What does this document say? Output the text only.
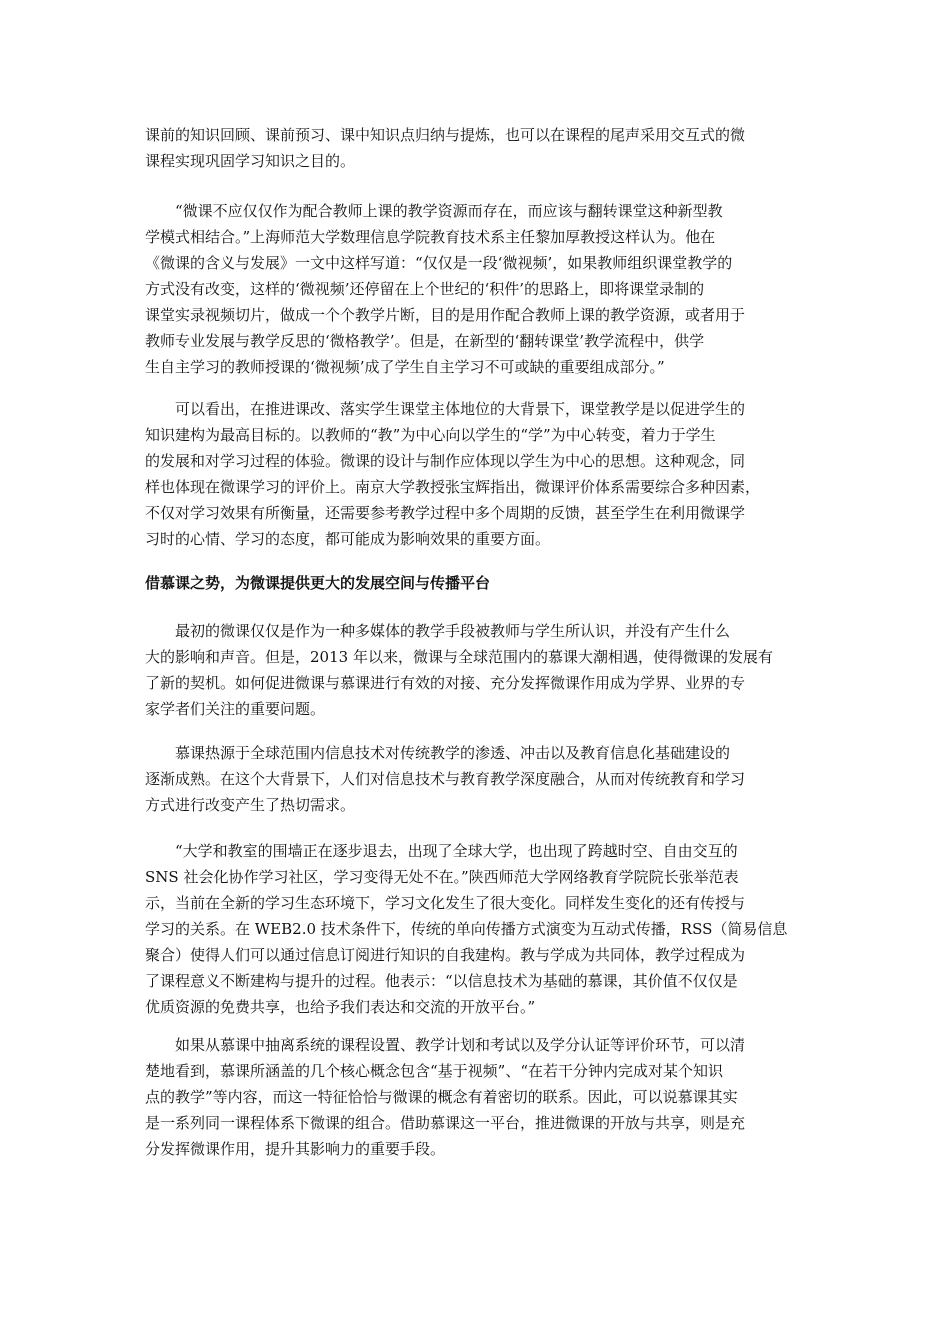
课前的知识回顾、课前预习、课中知识点归纳与提炼，也可以在课程的尾声采用交互式的微
课程实现巩固学习知识之目的。
“微课不应仅仅作为配合教师上课的教学资源而存在，而应该与翻转课堂这种新型教
学模式相结合。”上海师范大学数理信息学院教育技术系主任黎加厚教授这样认为。他在
《微课的含义与发展》一文中这样写道：“仅仅是一段‘微视频’，如果教师组织课堂教学的
方式没有改变，这样的‘微视频’还停留在上个世纪的‘积件’的思路上，即将课堂录制的
课堂实录视频切片，做成一个个教学片断，目的是用作配合教师上课的教学资源，或者用于
教师专业发展与教学反思的‘微格教学’。但是，在新型的‘翻转课堂’教学流程中，供学
生自主学习的教师授课的‘微视频’成了学生自主学习不可或缺的重要组成部分。”
可以看出，在推进课改、落实学生课堂主体地位的大背景下，课堂教学是以促进学生的
知识建构为最高目标的。以教师的“教”为中心向以学生的“学”为中心转变，着力于学生
的发展和对学习过程的体验。微课的设计与制作应体现以学生为中心的思想。这种观念，同
样也体现在微课学习的评价上。南京大学教授张宝辉指出，微课评价体系需要综合多种因素，
不仅对学习效果有所衡量，还需要参考教学过程中多个周期的反馈，甚至学生在利用微课学
习时的心情、学习的态度，都可能成为影响效果的重要方面。
借慕课之势，为微课提供更大的发展空间与传播平台
最初的微课仅仅是作为一种多媒体的教学手段被教师与学生所认识，并没有产生什么
大的影响和声音。但是，2013 年以来，微课与全球范围内的慕课大潮相遇，使得微课的发展有
了新的契机。如何促进微课与慕课进行有效的对接、充分发挥微课作用成为学界、业界的专
家学者们关注的重要问题。
慕课热源于全球范围内信息技术对传统教学的渗透、冲击以及教育信息化基础建设的
逐渐成熟。在这个大背景下，人们对信息技术与教育教学深度融合，从而对传统教育和学习
方式进行改变产生了热切需求。
“大学和教室的围墙正在逐步退去，出现了全球大学，也出现了跨越时空、自由交互的
SNS 社会化协作学习社区，学习变得无处不在。”陕西师范大学网络教育学院院长张举范表
示，当前在全新的学习生态环境下，学习文化发生了很大变化。同样发生变化的还有传授与
学习的关系。在 WEB2.0 技术条件下，传统的单向传播方式演变为互动式传播，RSS（简易信息
聚合）使得人们可以通过信息订阅进行知识的自我建构。教与学成为共同体，教学过程成为
了课程意义不断建构与提升的过程。他表示：“以信息技术为基础的慕课，其价值不仅仅是
优质资源的免费共享，也给予我们表达和交流的开放平台。”
如果从慕课中抽离系统的课程设置、教学计划和考试以及学分认证等评价环节，可以清
楚地看到，慕课所涵盖的几个核心概念包含“基于视频”、“在若干分钟内完成对某个知识
点的教学”等内容，而这一特征恰恰与微课的概念有着密切的联系。因此，可以说慕课其实
是一系列同一课程体系下微课的组合。借助慕课这一平台，推进微课的开放与共享，则是充
分发挥微课作用，提升其影响力的重要手段。
